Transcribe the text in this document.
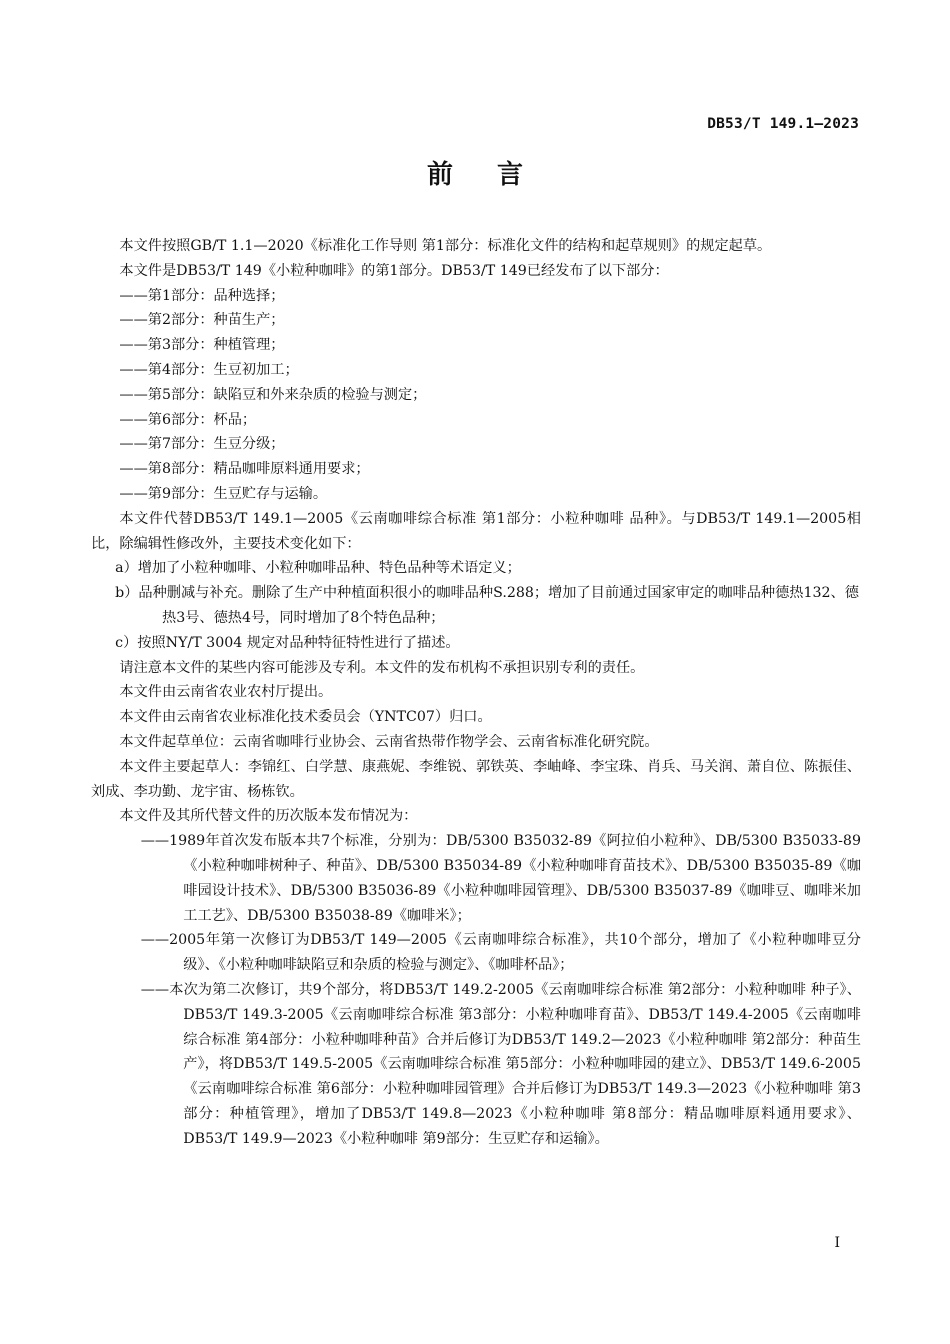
DB53/T 149.1—2023
前言

本文件按照GB/T 1.1—2020《标准化工作导则 第1部分：标准化文件的结构和起草规则》的规定起草。

本文件是DB53/T 149《小粒种咖啡》的第1部分。DB53/T 149已经发布了以下部分：

——第1部分：品种选择；

——第2部分：种苗生产；

——第3部分：种植管理；

——第4部分：生豆初加工；

——第5部分：缺陷豆和外来杂质的检验与测定；

——第6部分：杯品；

——第7部分：生豆分级；

——第8部分：精品咖啡原料通用要求；

——第9部分：生豆贮存与运输。

本文件代替DB53/T 149.1—2005《云南咖啡综合标准 第1部分：小粒种咖啡 品种》。与DB53/T 149.1—2005相比，除编辑性修改外，主要技术变化如下：

a）增加了小粒种咖啡、小粒种咖啡品种、特色品种等术语定义；

b）品种删减与补充。删除了生产中种植面积很小的咖啡品种S.288；增加了目前通过国家审定的咖啡品种德热132、德热3号、德热4号，同时增加了8个特色品种；

c）按照NY/T 3004 规定对品种特征特性进行了描述。

请注意本文件的某些内容可能涉及专利。本文件的发布机构不承担识别专利的责任。

本文件由云南省农业农村厅提出。

本文件由云南省农业标准化技术委员会（YNTC07）归口。

本文件起草单位：云南省咖啡行业协会、云南省热带作物学会、云南省标准化研究院。

本文件主要起草人：李锦红、白学慧、康燕妮、李维锐、郭铁英、李岫峰、李宝珠、肖兵、马关润、萧自位、陈振佳、刘成、李功勤、龙宇宙、杨栋钦。

本文件及其所代替文件的历次版本发布情况为：

——1989年首次发布版本共7个标准，分别为：DB/5300 B35032-89《阿拉伯小粒种》、DB/5300 B35033-89《小粒种咖啡树种子、种苗》、DB/5300 B35034-89《小粒种咖啡育苗技术》、DB/5300 B35035-89《咖啡园设计技术》、DB/5300 B35036-89《小粒种咖啡园管理》、DB/5300 B35037-89《咖啡豆、咖啡米加工工艺》、DB/5300 B35038-89《咖啡米》；

——2005年第一次修订为DB53/T 149—2005《云南咖啡综合标准》，共10个部分，增加了《小粒种咖啡豆分级》、《小粒种咖啡缺陷豆和杂质的检验与测定》、《咖啡杯品》；

——本次为第二次修订，共9个部分，将DB53/T 149.2-2005《云南咖啡综合标准 第2部分：小粒种咖啡 种子》、DB53/T 149.3-2005《云南咖啡综合标准 第3部分：小粒种咖啡育苗》、DB53/T 149.4-2005《云南咖啡综合标准 第4部分：小粒种咖啡种苗》合并后修订为DB53/T 149.2—2023《小粒种咖啡 第2部分：种苗生产》，将DB53/T 149.5-2005《云南咖啡综合标准 第5部分：小粒种咖啡园的建立》、DB53/T 149.6-2005《云南咖啡综合标准 第6部分：小粒种咖啡园管理》合并后修订为DB53/T 149.3—2023《小粒种咖啡 第3部分：种植管理》，增加了DB53/T 149.8—2023《小粒种咖啡 第8部分：精品咖啡原料通用要求》、DB53/T 149.9—2023《小粒种咖啡 第9部分：生豆贮存和运输》。

I
